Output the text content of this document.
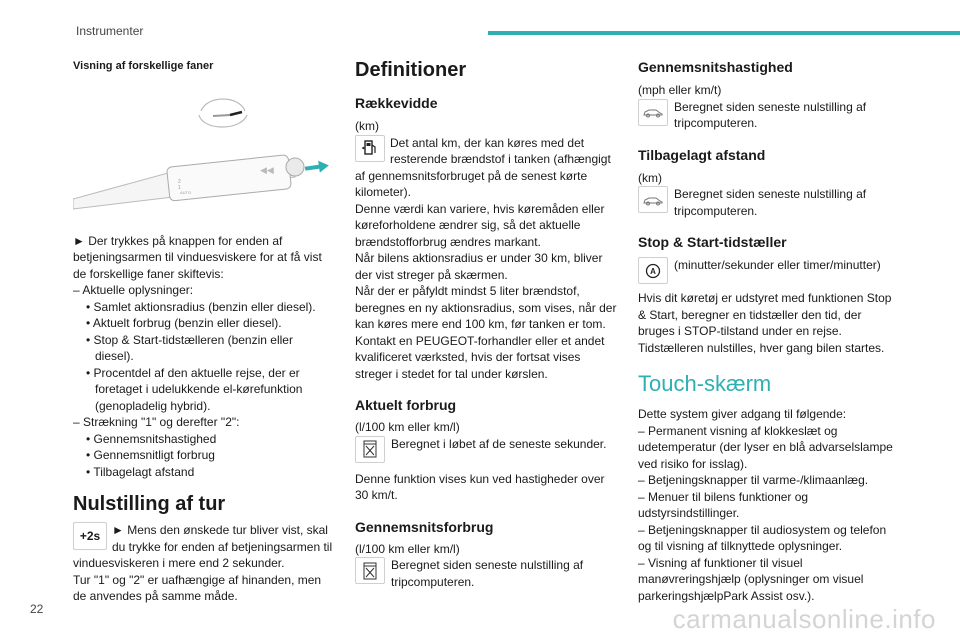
Instrumenter
22	carmanualsonline.info

Visning af forskellige faner

2
1
AUTO
◀◀

► Der trykkes på knappen for enden af betjeningsarmen til vinduesviskere for at få vist de forskellige faner skiftevis:

– Aktuelle oplysninger:

• Samlet aktionsradius (benzin eller diesel).

• Aktuelt forbrug (benzin eller diesel).

• Stop & Start-tidstælleren (benzin eller

diesel).

• Procentdel af den aktuelle rejse, der er

foretaget i udelukkende el-kørefunktion

(genopladelig hybrid).

– Strækning "1" og derefter "2":

• Gennemsnitshastighed

• Gennemsnitligt forbrug

• Tilbagelagt afstand

Nulstilling af tur

+2s ► Mens den ønskede tur bliver vist, skal du trykke for enden af betjeningsarmen til vinduesviskeren i mere end 2 sekunder.

Tur "1" og "2" er uafhængige af hinanden, men de anvendes på samme måde.

Definitioner

Rækkevidde

(km)

Det antal km, der kan køres med det resterende brændstof i tanken (afhængigt af gennemsnitsforbruget på de senest kørte kilometer).

Denne værdi kan variere, hvis køremåden eller køreforholdene ændrer sig, så det aktuelle brændstofforbrug ændres markant.

Når bilens aktionsradius er under 30 km, bliver der vist streger på skærmen.

Når der er påfyldt mindst 5 liter brændstof, beregnes en ny aktionsradius, som vises, når der kan køres mere end 100 km, før tanken er tom.

Kontakt en PEUGEOT-forhandler eller et andet kvalificeret værksted, hvis der fortsat vises streger i stedet for tal under kørslen.

Aktuelt forbrug

(l/100 km eller km/l)

Beregnet i løbet af de seneste sekunder.

Denne funktion vises kun ved hastigheder over 30 km/t.

Gennemsnitsforbrug

(l/100 km eller km/l)

Beregnet siden seneste nulstilling af tripcomputeren.

Gennemsnitshastighed

(mph eller km/t)

Beregnet siden seneste nulstilling af tripcomputeren.

Tilbagelagt afstand

(km)

Beregnet siden seneste nulstilling af tripcomputeren.

Stop & Start-tidstæller

A (minutter/sekunder eller timer/minutter)

Hvis dit køretøj er udstyret med funktionen Stop & Start, beregner en tidstæller den tid, der bruges i STOP-tilstand under en rejse.

Tidstælleren nulstilles, hver gang bilen startes.

Touch-skærm

Dette system giver adgang til følgende:

– Permanent visning af klokkeslæt og udetemperatur (der lyser en blå advarselslampe ved risiko for isslag).

– Betjeningsknapper til varme-/klimaanlæg.

– Menuer til bilens funktioner og udstyrsindstillinger.

– Betjeningsknapper til audiosystem og telefon og til visning af tilknyttede oplysninger.

– Visning af funktioner til visuel manøvreringshjælp (oplysninger om visuel parkeringshjælpPark Assist osv.).
